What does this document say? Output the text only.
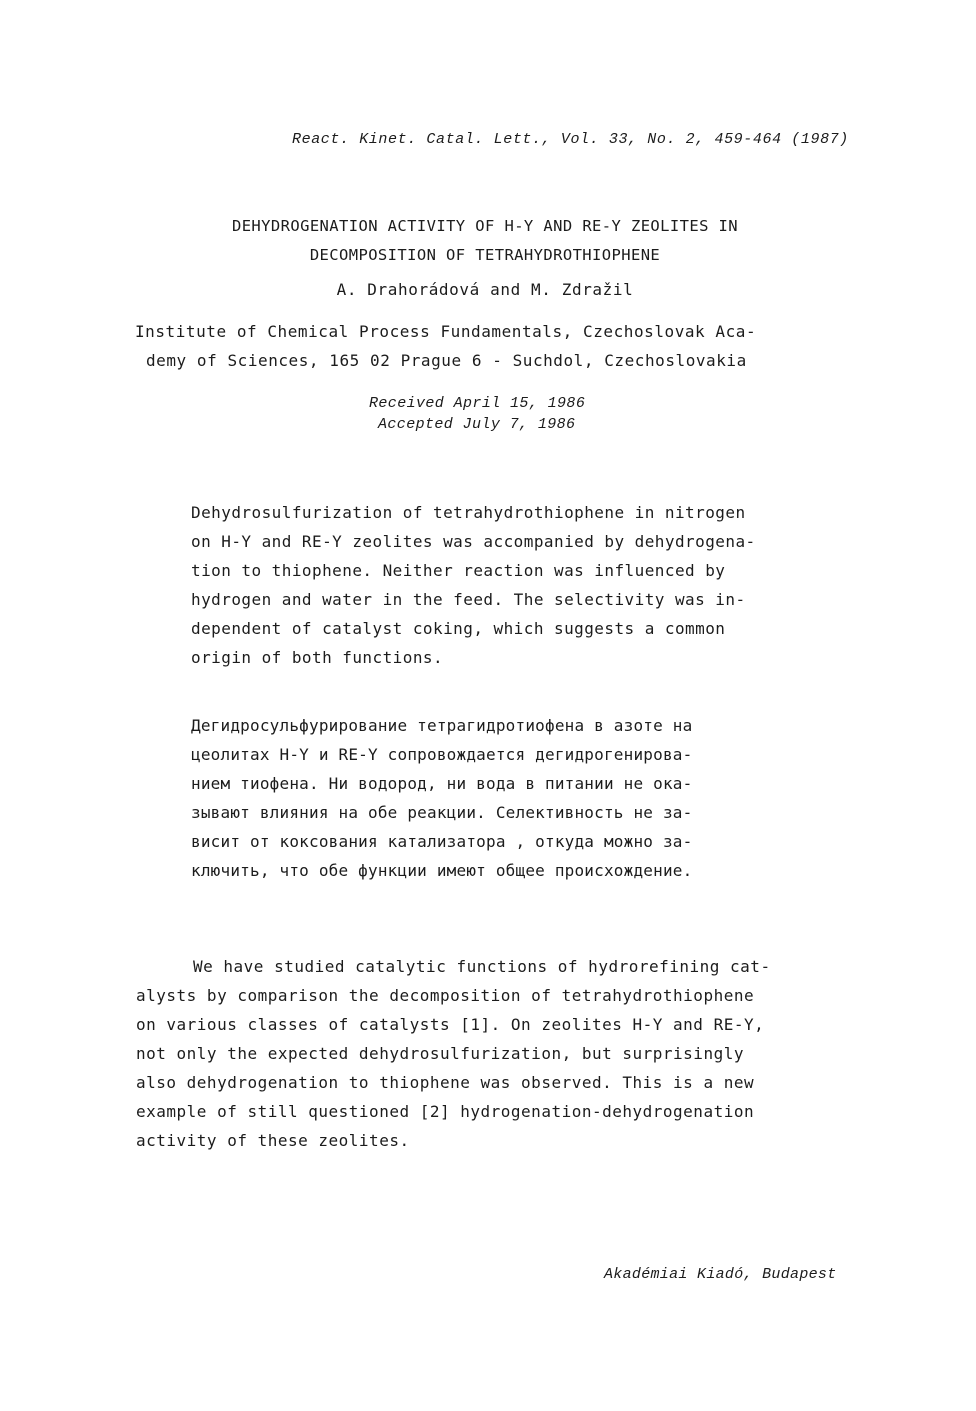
React. Kinet. Catal. Lett., Vol. 33, No. 2, 459-464 (1987)
DEHYDROGENATION ACTIVITY OF H-Y AND RE-Y ZEOLITES IN
DECOMPOSITION OF TETRAHYDROTHIOPHENE
A. Drahorádová and M. Zdražil
Institute of Chemical Process Fundamentals, Czechoslovak Aca-
demy of Sciences, 165 02 Prague 6 - Suchdol, Czechoslovakia
Received April 15, 1986
Accepted July 7, 1986
Dehydrosulfurization of tetrahydrothiophene in nitrogen
on H-Y and RE-Y zeolites was accompanied by dehydrogena-
tion to thiophene. Neither reaction was influenced by
hydrogen and water in the feed. The selectivity was in-
dependent of catalyst coking, which suggests a common
origin of both functions.
Дегидросульфурирование тетрагидротиофена в азоте на
цеолитах H-Y и RE-Y сопровождается дегидрогенирова-
нием тиофена. Ни водород, ни вода в питании не ока-
зывают влияния на обе реакции. Селективность не за-
висит от коксования катализатора , откуда можно за-
ключить, что обе функции имеют общее происхождение.
We have studied catalytic functions of hydrorefining cat-
alysts by comparison the decomposition of tetrahydrothiophene
on various classes of catalysts [1]. On zeolites H-Y and RE-Y,
not only the expected dehydrosulfurization, but surprisingly
also dehydrogenation to thiophene was observed. This is a new
example of still questioned [2] hydrogenation-dehydrogenation
activity of these zeolites.
Akadémiai Kiadó, Budapest
